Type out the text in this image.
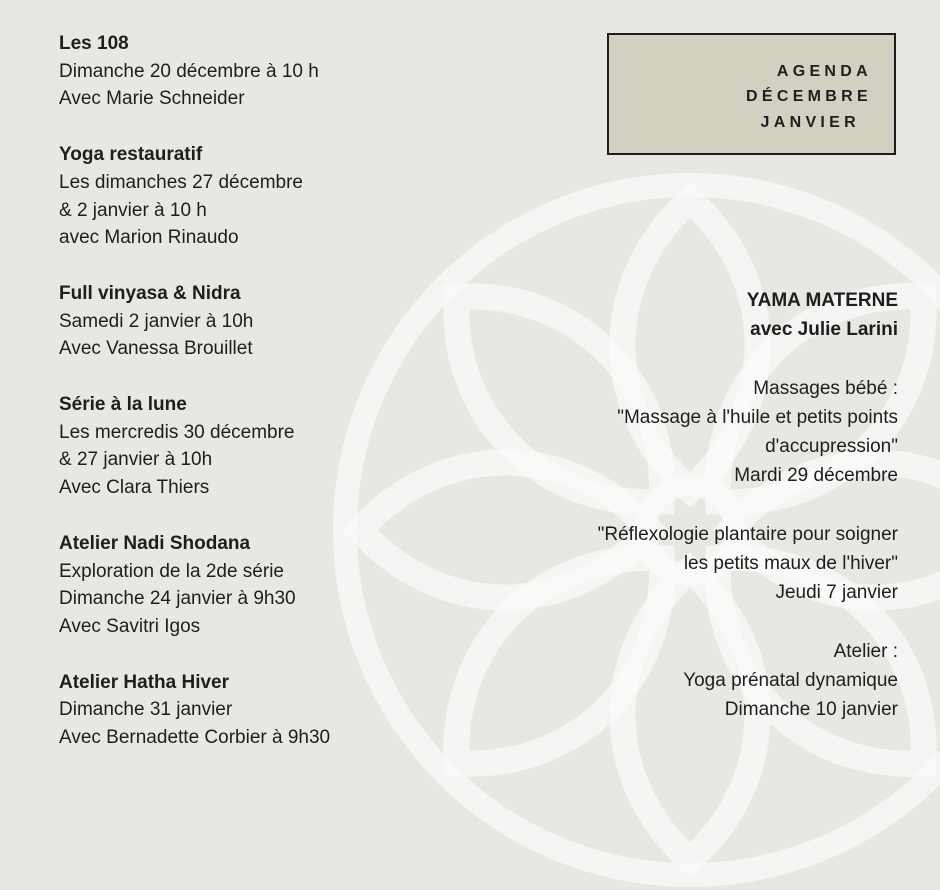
Les 108
Dimanche 20 décembre à 10 h
Avec Marie Schneider
Yoga restauratif
Les dimanches 27 décembre
& 2 janvier à 10 h
avec Marion Rinaudo
Full vinyasa & Nidra
Samedi 2 janvier à 10h
Avec Vanessa Brouillet
Série à la lune
Les mercredis 30 décembre
& 27 janvier à 10h
Avec Clara Thiers
Atelier Nadi Shodana
Exploration de la 2de série
Dimanche 24 janvier à 9h30
Avec Savitri Igos
Atelier Hatha Hiver
Dimanche 31 janvier
Avec Bernadette Corbier à 9h30
AGENDA
DÉCEMBRE
JANVIER
YAMA MATERNE
avec Julie Larini
Massages bébé :
"Massage à l'huile et petits points
d'accupression"
Mardi 29 décembre
"Réflexologie plantaire pour soigner
les petits maux de l'hiver"
Jeudi 7 janvier
Atelier :
Yoga prénatal dynamique
Dimanche 10 janvier
